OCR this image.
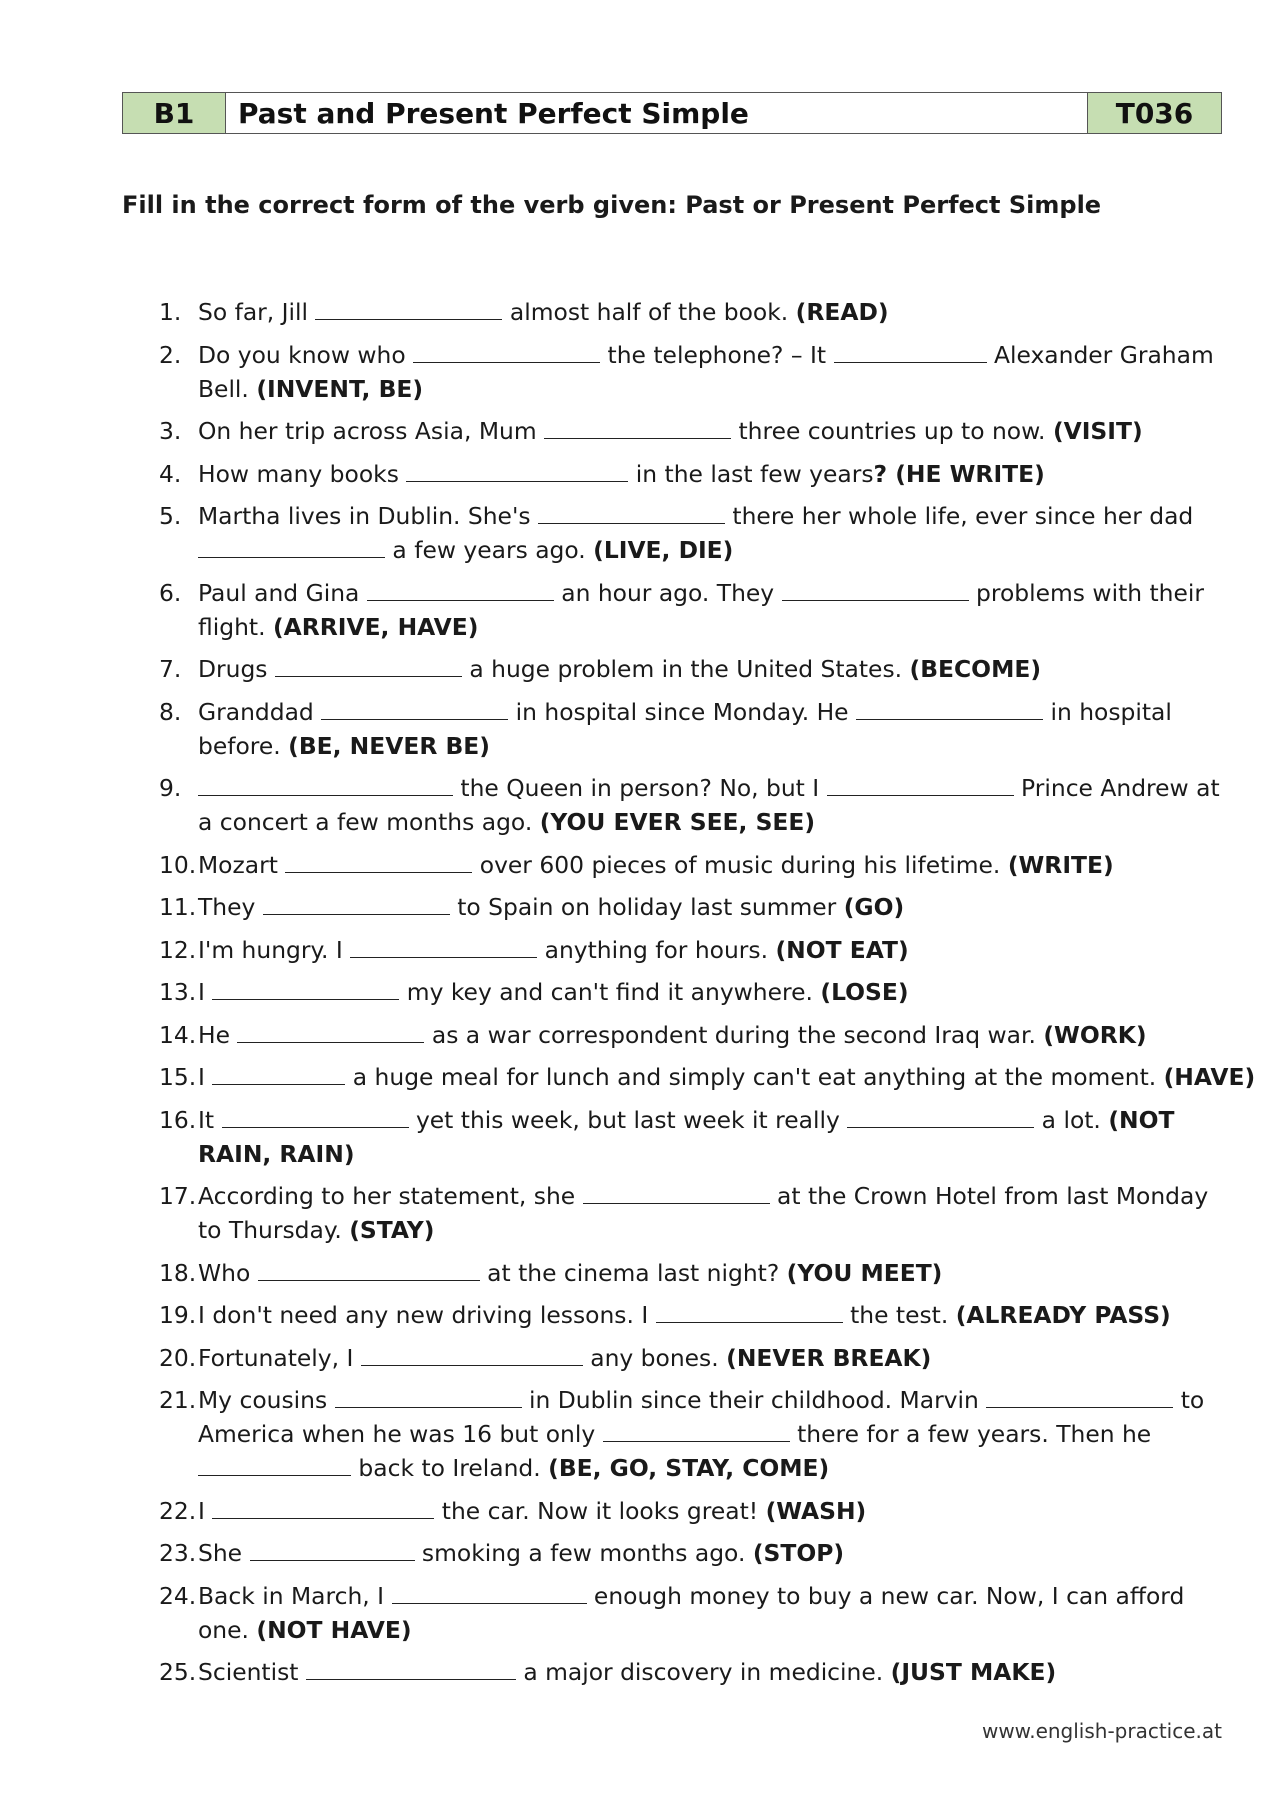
B1	Past and Present Perfect Simple	T036
Fill in the correct form of the verb given: Past or Present Perfect Simple
1. So far, Jill	almost half of the book. (READ)
2. Do you know who	the telephone? – It	Alexander Graham
Bell. (INVENT, BE)
3. On her trip across Asia, Mum	three countries up to now. (VISIT)
4. How many books	in the last few years? (HE WRITE)
5. Martha lives in Dublin. She's	there her whole life, ever since her dad
a few years ago. (LIVE, DIE)
6. Paul and Gina	an hour ago. They	problems with their
flight. (ARRIVE, HAVE)
7. Drugs	a huge problem in the United States. (BECOME)
8. Granddad	in hospital since Monday. He	in hospital
before. (BE, NEVER BE)
9.	the Queen in person? No, but I	Prince Andrew at
a concert a few months ago. (YOU EVER SEE, SEE)
10. Mozart	over 600 pieces of music during his lifetime. (WRITE)
11. They	to Spain on holiday last summer (GO)
12. I'm hungry. I	anything for hours. (NOT EAT)
13. I	my key and can't find it anywhere. (LOSE)
14. He	as a war correspondent during the second Iraq war. (WORK)
15. I	a huge meal for lunch and simply can't eat anything at the moment. (HAVE)
16. It	yet this week, but last week it really	a lot. (NOT
RAIN, RAIN)
17. According to her statement, she	at the Crown Hotel from last Monday
to Thursday. (STAY)
18. Who	at the cinema last night? (YOU MEET)
19. I don't need any new driving lessons. I	the test. (ALREADY PASS)
20. Fortunately, I	any bones. (NEVER BREAK)
21. My cousins	in Dublin since their childhood. Marvin	to
America when he was 16 but only	there for a few years. Then he
back to Ireland. (BE, GO, STAY, COME)
22. I	the car. Now it looks great! (WASH)
23. She	smoking a few months ago. (STOP)
24. Back in March, I	enough money to buy a new car. Now, I can afford
one. (NOT HAVE)
25. Scientist	a major discovery in medicine. (JUST MAKE)
www.english-practice.at
